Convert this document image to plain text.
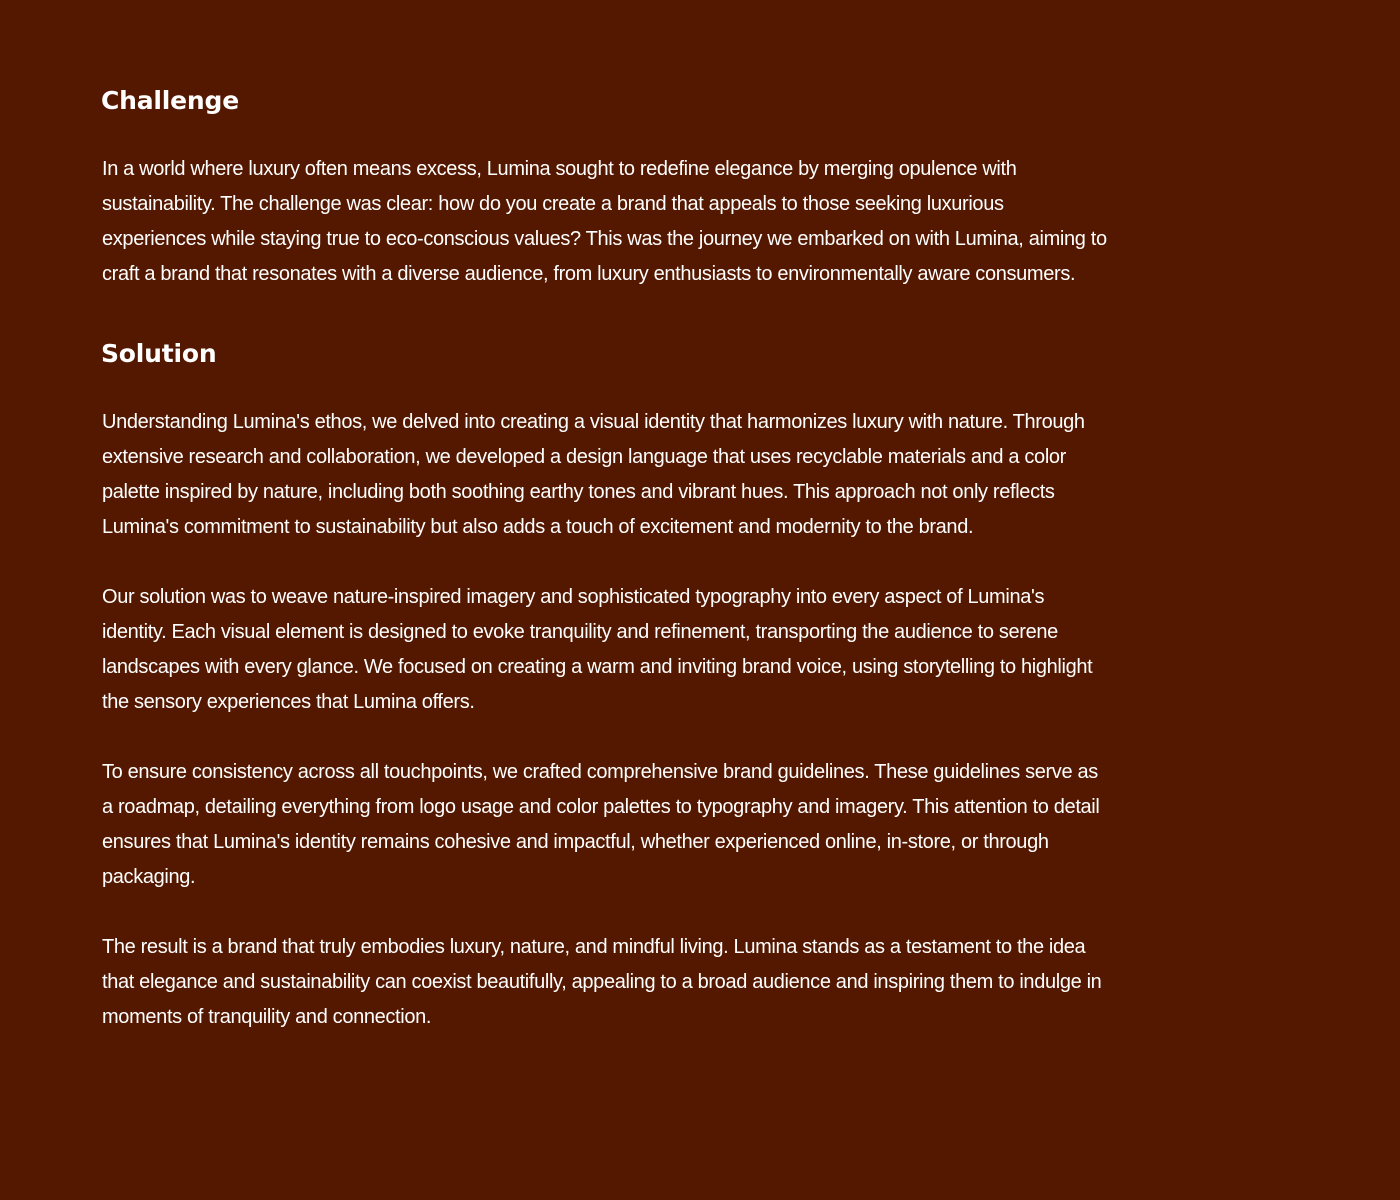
Challenge

In a world where luxury often means excess, Lumina sought to redefine elegance by merging opulence with sustainability. The challenge was clear: how do you create a brand that appeals to those seeking luxurious experiences while staying true to eco-conscious values? This was the journey we embarked on with Lumina, aiming to craft a brand that resonates with a diverse audience, from luxury enthusiasts to environmentally aware consumers.

Solution

Understanding Lumina's ethos, we delved into creating a visual identity that harmonizes luxury with nature. Through extensive research and collaboration, we developed a design language that uses recyclable materials and a color palette inspired by nature, including both soothing earthy tones and vibrant hues. This approach not only reflects Lumina's commitment to sustainability but also adds a touch of excitement and modernity to the brand.

Our solution was to weave nature-inspired imagery and sophisticated typography into every aspect of Lumina's identity. Each visual element is designed to evoke tranquility and refinement, transporting the audience to serene landscapes with every glance. We focused on creating a warm and inviting brand voice, using storytelling to highlight the sensory experiences that Lumina offers.

To ensure consistency across all touchpoints, we crafted comprehensive brand guidelines. These guidelines serve as a roadmap, detailing everything from logo usage and color palettes to typography and imagery. This attention to detail ensures that Lumina's identity remains cohesive and impactful, whether experienced online, in-store, or through packaging.

The result is a brand that truly embodies luxury, nature, and mindful living. Lumina stands as a testament to the idea that elegance and sustainability can coexist beautifully, appealing to a broad audience and inspiring them to indulge in moments of tranquility and connection.
